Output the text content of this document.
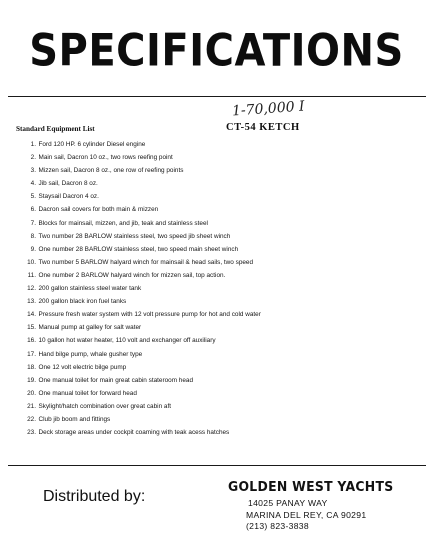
SPECIFICATIONS
1-70,000 I
Standard Equipment List	CT-54 KETCH
1. Ford 120 HP. 6 cylinder Diesel engine
2. Main sail, Dacron 10 oz., two rows reefing point
3. Mizzen sail, Dacron 8 oz., one row of reefing points
4. Jib sail, Dacron 8 oz.
5. Staysail Dacron 4 oz.
6. Dacron sail covers for both main & mizzen
7. Blocks for mainsail, mizzen, and jib, teak and stainless steel
8. Two number 28 BARLOW stainless steel, two speed jib sheet winch
9. One number 28 BARLOW stainless steel, two speed main sheet winch
10. Two number 5 BARLOW halyard winch for mainsail & head sails, two speed
11. One number 2 BARLOW halyard winch for mizzen sail, top action.
12. 200 gallon stainless steel water tank
13. 200 gallon black iron fuel tanks
14. Pressure fresh water system with 12 volt pressure pump for hot and cold water
15. Manual pump at galley for salt water
16. 10 gallon hot water heater, 110 volt and exchanger off auxiliary
17. Hand bilge pump, whale gusher type
18. One 12 volt electric bilge pump
19. One manual toilet for main great cabin stateroom head
20. One manual toilet for forward head
21. Skylight/hatch combination over great cabin aft
22. Club jib boom and fittings
23. Deck storage areas under cockpit coaming with teak acess hatches
Distributed by:
GOLDEN WEST YACHTS
14025 PANAY WAY
MARINA DEL REY, CA 90291
(213) 823-3838
